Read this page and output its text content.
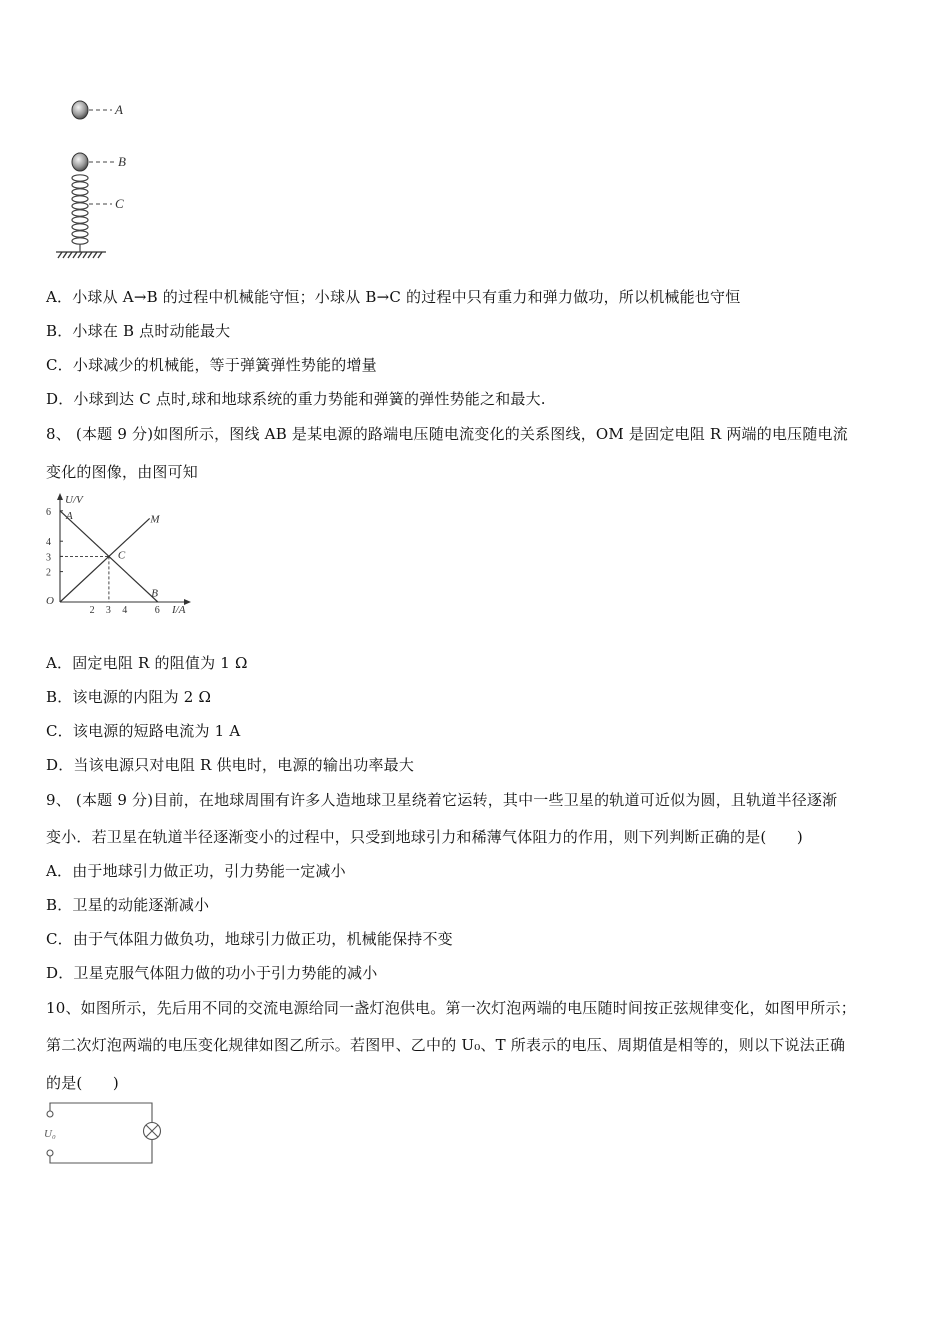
A
B
C
A．小球从 A→B 的过程中机械能守恒；小球从 B→C 的过程中只有重力和弹力做功，所以机械能也守恒
B．小球在 B 点时动能最大
C．小球减少的机械能，等于弹簧弹性势能的增量
D．小球到达 C 点时,球和地球系统的重力势能和弹簧的弹性势能之和最大.
8、 (本题 9 分)如图所示，图线 AB 是某电源的路端电压随电流变化的关系图线，OM 是固定电阻 R 两端的电压随电流
变化的图像，由图可知
U/V
I/A
O
2 3 4	6
6
4
3
2
A
B
C
M
A．固定电阻 R 的阻值为 1 Ω
B．该电源的内阻为 2 Ω
C．该电源的短路电流为 1 A
D．当该电源只对电阻 R 供电时，电源的输出功率最大
9、 (本题 9 分)目前，在地球周围有许多人造地球卫星绕着它运转，其中一些卫星的轨道可近似为圆，且轨道半径逐渐
变小．若卫星在轨道半径逐渐变小的过程中，只受到地球引力和稀薄气体阻力的作用，则下列判断正确的是(　　)
A．由于地球引力做正功，引力势能一定减小
B．卫星的动能逐渐减小
C．由于气体阻力做负功，地球引力做正功，机械能保持不变
D．卫星克服气体阻力做的功小于引力势能的减小
10、如图所示，先后用不同的交流电源给同一盏灯泡供电。第一次灯泡两端的电压随时间按正弦规律变化，如图甲所示；
第二次灯泡两端的电压变化规律如图乙所示。若图甲、乙中的 U₀、T 所表示的电压、周期值是相等的，则以下说法正确
的是(　　)
U₀
